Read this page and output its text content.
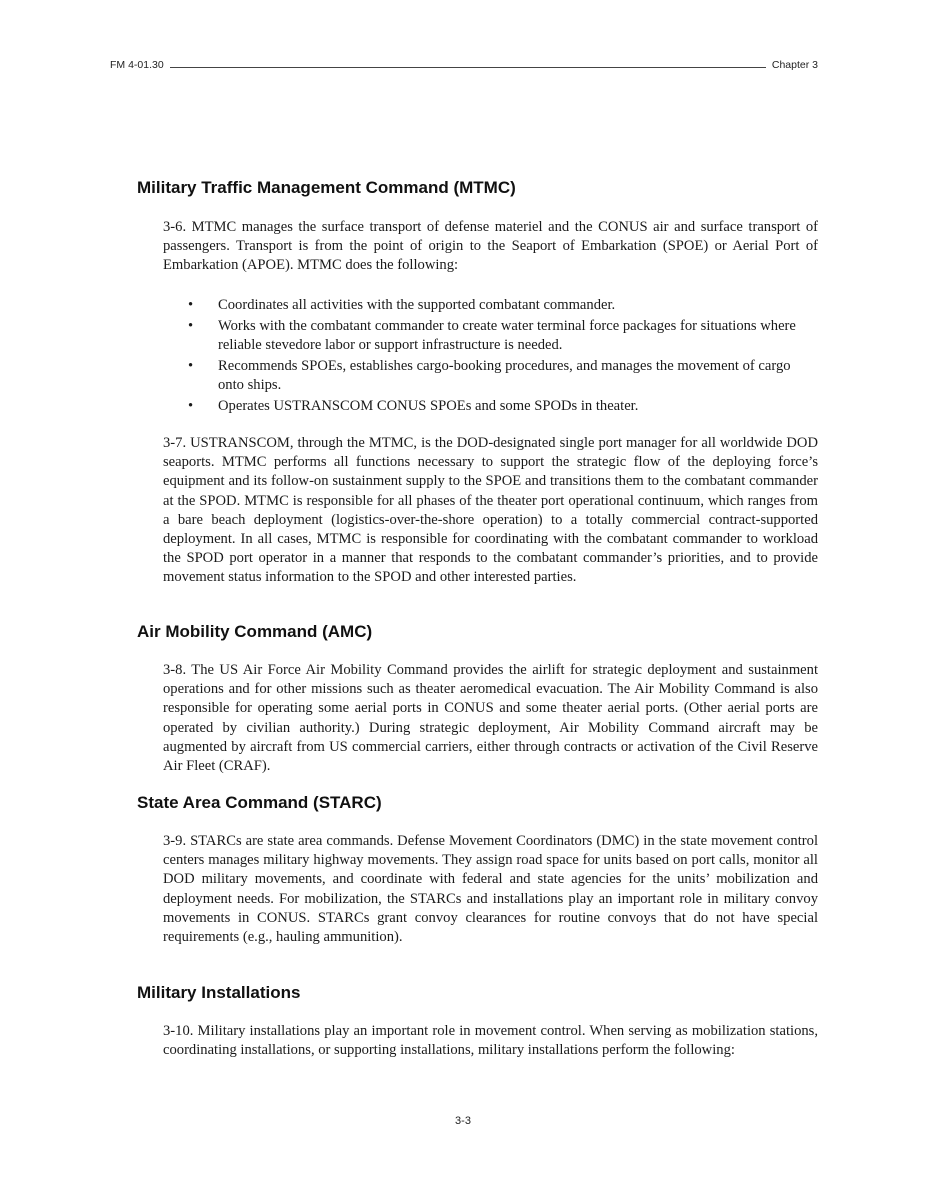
FM 4-01.30	Chapter 3
Military Traffic Management Command (MTMC)

3-6. MTMC manages the surface transport of defense materiel and the CONUS air and surface transport of passengers. Transport is from the point of origin to the Seaport of Embarkation (SPOE) or Aerial Port of Embarkation (APOE). MTMC does the following:

• Coordinates all activities with the supported combatant commander.
• Works with the combatant commander to create water terminal force packages for situations where reliable stevedore labor or support infrastructure is needed.
• Recommends SPOEs, establishes cargo-booking procedures, and manages the movement of cargo onto ships.
• Operates USTRANSCOM CONUS SPOEs and some SPODs in theater.

3-7. USTRANSCOM, through the MTMC, is the DOD-designated single port manager for all worldwide DOD seaports. MTMC performs all functions necessary to support the strategic flow of the deploying force’s equipment and its follow-on sustainment supply to the SPOE and transitions them to the combatant commander at the SPOD. MTMC is responsible for all phases of the theater port operational continuum, which ranges from a bare beach deployment (logistics-over-the-shore operation) to a totally commercial contract-supported deployment. In all cases, MTMC is responsible for coordinating with the combatant commander to workload the SPOD port operator in a manner that responds to the combatant commander’s priorities, and to provide movement status information to the SPOD and other interested parties.

Air Mobility Command (AMC)

3-8. The US Air Force Air Mobility Command provides the airlift for strategic deployment and sustainment operations and for other missions such as theater aeromedical evacuation. The Air Mobility Command is also responsible for operating some aerial ports in CONUS and some theater aerial ports. (Other aerial ports are operated by civilian authority.) During strategic deployment, Air Mobility Command aircraft may be augmented by aircraft from US commercial carriers, either through contracts or activation of the Civil Reserve Air Fleet (CRAF).

State Area Command (STARC)

3-9. STARCs are state area commands. Defense Movement Coordinators (DMC) in the state movement control centers manages military highway movements. They assign road space for units based on port calls, monitor all DOD military movements, and coordinate with federal and state agencies for the units’ mobilization and deployment needs. For mobilization, the STARCs and installations play an important role in military convoy movements in CONUS. STARCs grant convoy clearances for routine convoys that do not have special requirements (e.g., hauling ammunition).

Military Installations

3-10. Military installations play an important role in movement control. When serving as mobilization stations, coordinating installations, or supporting installations, military installations perform the following:

3-3
